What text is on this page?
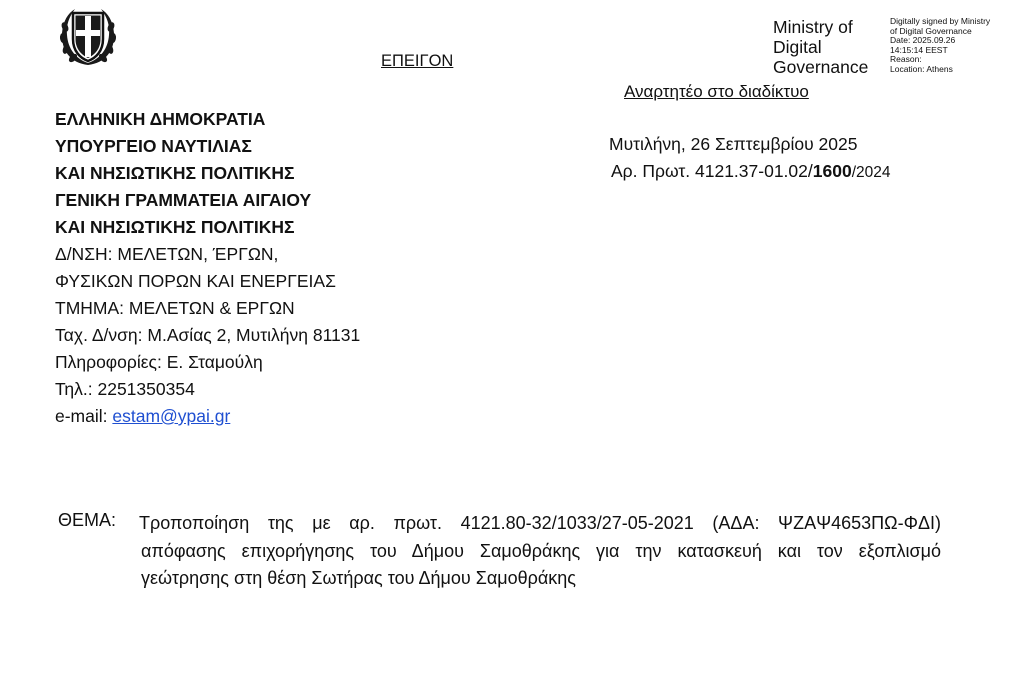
ΕΠΕΙΓΟΝ
Ministry of
Digital
Governance
Digitally signed by Ministry
of Digital Governance
Date: 2025.09.26
14:15:14 EEST
Reason:
Location: Athens
Αναρτητέο στο διαδίκτυο
ΕΛΛΗΝΙΚΗ ΔΗΜΟΚΡΑΤΙΑ
ΥΠΟΥΡΓΕΙΟ ΝΑΥΤΙΛΙΑΣ
ΚΑΙ ΝΗΣΙΩΤΙΚΗΣ ΠΟΛΙΤΙΚΗΣ
ΓΕΝΙΚΗ ΓΡΑΜΜΑΤΕΙΑ ΑΙΓΑΙΟΥ
ΚΑΙ ΝΗΣΙΩΤΙΚΗΣ ΠΟΛΙΤΙΚΗΣ
Δ/ΝΣΗ: ΜΕΛΕΤΩΝ, ΈΡΓΩΝ,
ΦΥΣΙΚΩΝ ΠΟΡΩΝ ΚΑΙ ΕΝΕΡΓΕΙΑΣ
ΤΜΗΜΑ: ΜΕΛΕΤΩΝ & ΕΡΓΩΝ
Ταχ. Δ/νση: Μ.Ασίας 2, Μυτιλήνη 81131
Πληροφορίες: Ε. Σταμούλη
Τηλ.: 2251350354
e-mail: estam@ypai.gr
Μυτιλήνη, 26 Σεπτεμβρίου 2025
Αρ. Πρωτ. 4121.37-01.02/1600/2024
ΘΕΜΑ: Τροποποίηση της με αρ. πρωτ. 4121.80-32/1033/27-05-2021 (ΑΔΑ: ΨΖΑΨ4653ΠΩ-ΦΔΙ)
απόφασης επιχορήγησης του Δήμου Σαμοθράκης για την κατασκευή και τον εξοπλισμό
γεώτρησης στη θέση Σωτήρας του Δήμου Σαμοθράκης
